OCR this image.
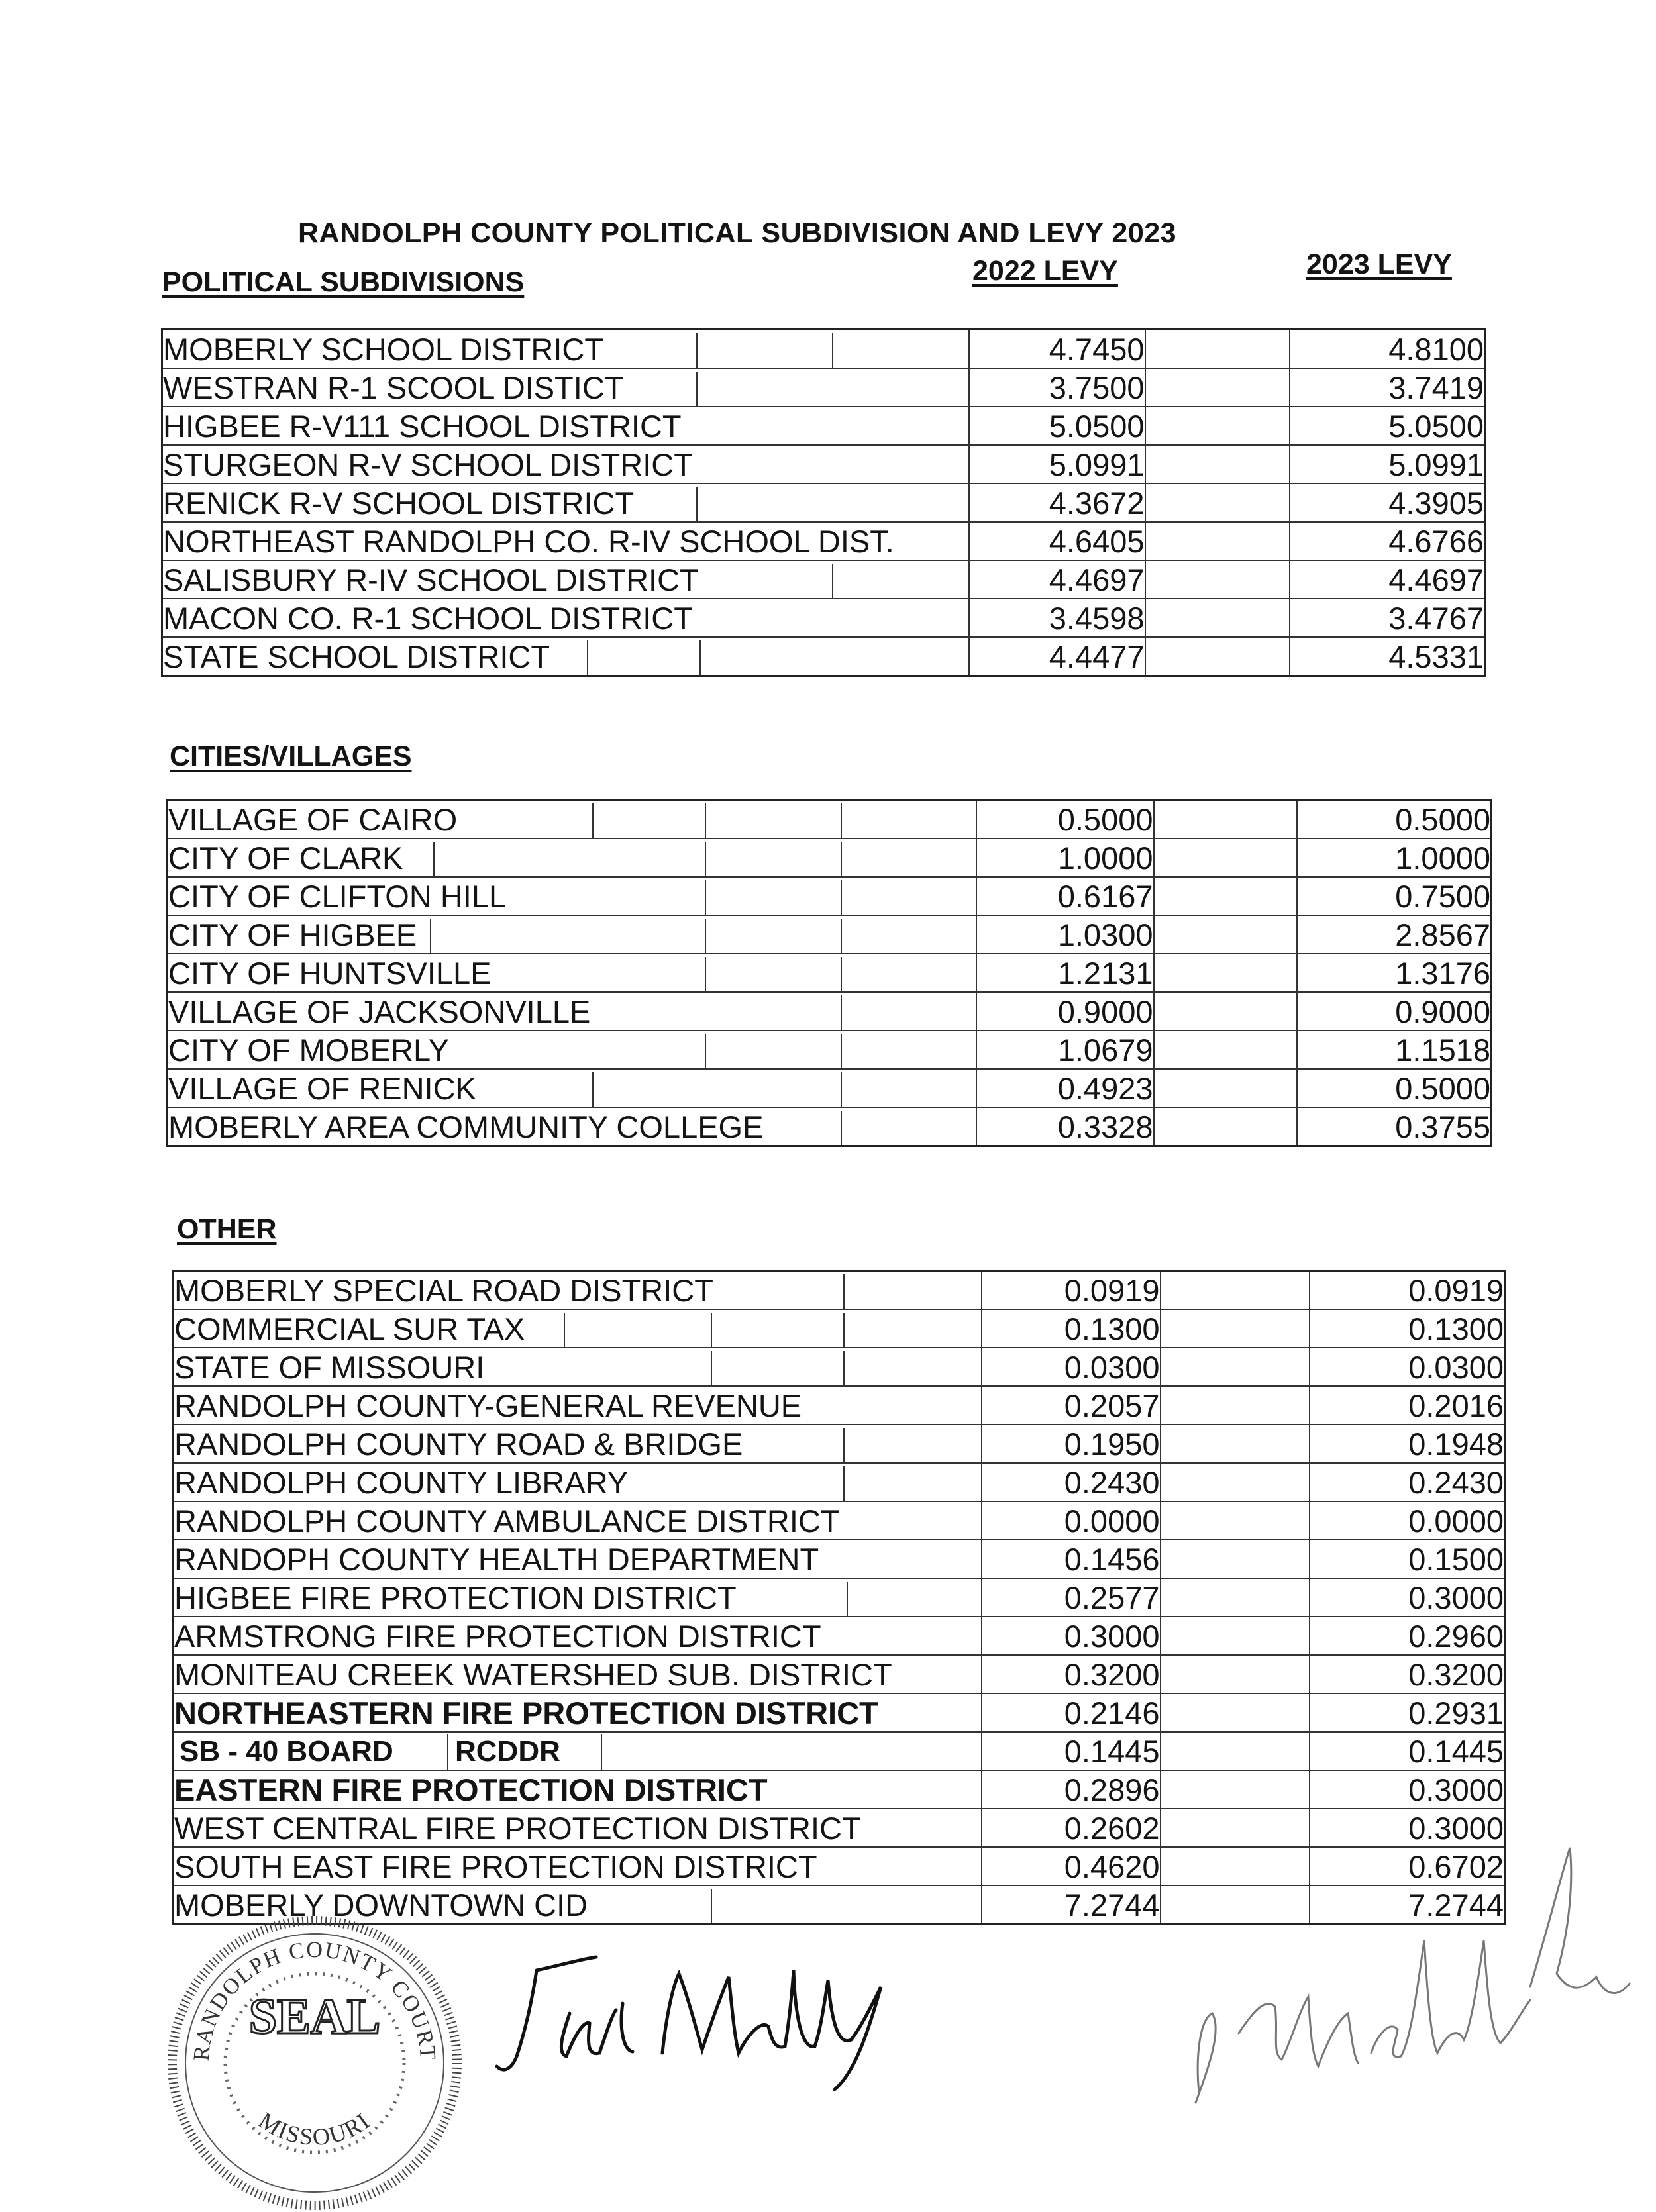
RANDOLPH COUNTY POLITICAL SUBDIVISION AND LEVY 2023
POLITICAL SUBDIVISIONS	2022 LEVY	2023 LEVY
MOBERLY SCHOOL DISTRICT	4.7450		4.8100
WESTRAN R-1 SCOOL DISTICT	3.7500		3.7419
HIGBEE R-V111 SCHOOL DISTRICT	5.0500		5.0500
STURGEON R-V SCHOOL DISTRICT	5.0991		5.0991
RENICK R-V SCHOOL DISTRICT	4.3672		4.3905
NORTHEAST RANDOLPH CO. R-IV SCHOOL DIST.	4.6405		4.6766
SALISBURY R-IV SCHOOL DISTRICT	4.4697		4.4697
MACON CO. R-1 SCHOOL DISTRICT	3.4598		3.4767
STATE SCHOOL DISTRICT	4.4477		4.5331
CITIES/VILLAGES
VILLAGE OF CAIRO	0.5000		0.5000
CITY OF CLARK	1.0000		1.0000
CITY OF CLIFTON HILL	0.6167		0.7500
CITY OF HIGBEE	1.0300		2.8567
CITY OF HUNTSVILLE	1.2131		1.3176
VILLAGE OF JACKSONVILLE	0.9000		0.9000
CITY OF MOBERLY	1.0679		1.1518
VILLAGE OF RENICK	0.4923		0.5000
MOBERLY AREA COMMUNITY COLLEGE	0.3328		0.3755
OTHER
MOBERLY SPECIAL ROAD DISTRICT	0.0919		0.0919
COMMERCIAL SUR TAX	0.1300		0.1300
STATE OF MISSOURI	0.0300		0.0300
RANDOLPH COUNTY-GENERAL REVENUE	0.2057		0.2016
RANDOLPH COUNTY ROAD & BRIDGE	0.1950		0.1948
RANDOLPH COUNTY LIBRARY	0.2430		0.2430
RANDOLPH COUNTY AMBULANCE DISTRICT	0.0000		0.0000
RANDOPH COUNTY HEALTH DEPARTMENT	0.1456		0.1500
HIGBEE FIRE PROTECTION DISTRICT	0.2577		0.3000
ARMSTRONG FIRE PROTECTION DISTRICT	0.3000		0.2960
MONITEAU CREEK WATERSHED SUB. DISTRICT	0.3200		0.3200
NORTHEASTERN FIRE PROTECTION DISTRICT	0.2146		0.2931
SB - 40 BOARD RCDDR	0.1445		0.1445
EASTERN FIRE PROTECTION DISTRICT	0.2896		0.3000
WEST CENTRAL FIRE PROTECTION DISTRICT	0.2602		0.3000
SOUTH EAST FIRE PROTECTION DISTRICT	0.4620		0.6702
MOBERLY DOWNTOWN CID	7.2744		7.2744
RANDOLPH COUNTY COURT
SEAL
MISSOURI
